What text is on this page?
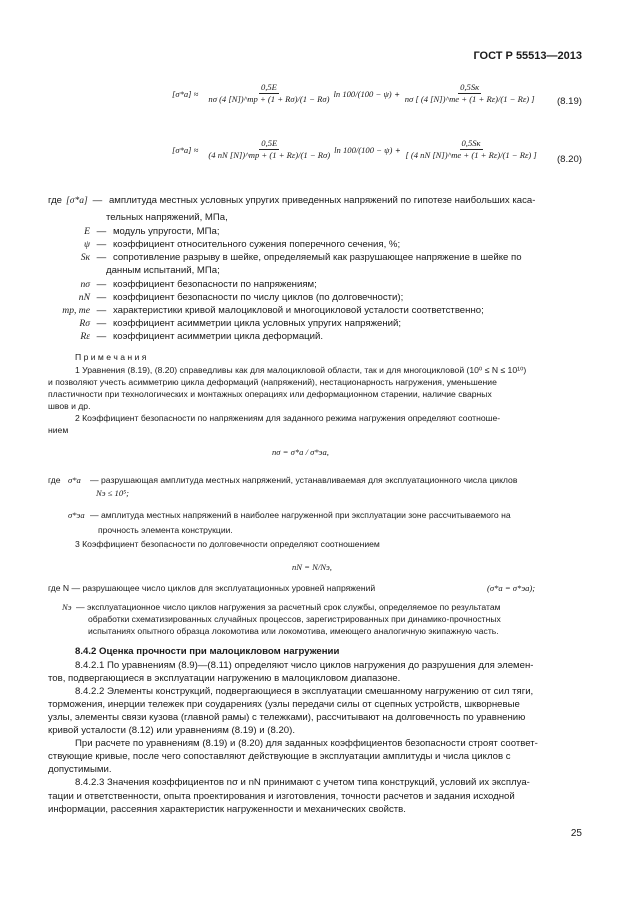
ГОСТ Р 55513—2013
$[\sigma*a] \approx \frac{0,5E}{n\sigma (4 [N])\^{}mp + (1 + R\sigma)/(1 - R\sigma)}$ $\ln 100/(100 - \psi) + \frac{0,5Sк}{n\sigma [ (4 [N])\^{}mе + (1 + R\varepsilon)/(1 - R\varepsilon) ]} (8.19)$
$[\sigma*a] \approx \frac{0,5E}{(4 nN [N])\^{}mp + (1 + R\varepsilon)/(1 - R\sigma)}$ $\ln 100/(100 - \psi) + \frac{0,5Sк}{[ (4 nN [N])\^{}mе + (1 + R\varepsilon)/(1 - R\varepsilon) ]} (8.20)$
где [σ*a] — амплитуда местных условных упругих приведенных напряжений по гипотезе наибольших каса-
тельных напряжений, МПа,
E — модуль упругости, МПа;
ψ — коэффициент относительного сужения поперечного сечения, %;
Sк — сопротивление разрыву в шейке, определяемый как разрушающее напряжение в шейке по
данным испытаний, МПа;
nσ — коэффициент безопасности по напряжениям;
nN — коэффициент безопасности по числу циклов (по долговечности);
mр, mе — характеристики кривой малоцикловой и многоцикловой усталости соответственно;
Rσ — коэффициент асимметрии цикла условных упругих напряжений;
Rε — коэффициент асимметрии цикла деформаций.
П р и м е ч а н и я
1 Уравнения (8.19), (8.20) справедливы как для малоцикловой области, так и для многоцикловой (10⁰ ≤ N ≤ 10¹⁰)
и позволяют учесть асимметрию цикла деформаций (напряжений), нестационарность нагружения, уменьшение
пластичности при технологических и монтажных операциях или деформационном старении, наличие сварных
швов и др.
2 Коэффициент безопасности по напряжениям для заданного режима нагружения определяют соотноше-
нием
nσ = σ*a / σ*эa,
где σ*a — разрушающая амплитуда местных напряжений, устанавливаемая для эксплуатационного числа циклов
Nэ ≤ 10⁵;
σ*эa — амплитуда местных напряжений в наиболее нагруженной при эксплуатации зоне рассчитываемого на
прочность элемента конструкции.
3 Коэффициент безопасности по долговечности определяют соотношением
nN = N/Nэ,
где N — разрушающее число циклов для эксплуатационных уровней напряжений	(σ*a = σ*эa);
Nэ — эксплуатационное число циклов нагружения за расчетный срок службы, определяемое по результатам
обработки схематизированных случайных процессов, зарегистрированных при динамико-прочностных
испытаниях опытного образца локомотива или локомотива, имеющего аналогичную экипажную часть.
8.4.2 Оценка прочности при малоцикловом нагружении
8.4.2.1 По уравнениям (8.9)—(8.11) определяют число циклов нагружения до разрушения для элемен-
тов, подвергающиеся в эксплуатации нагружению в малоцикловом диапазоне.
8.4.2.2 Элементы конструкций, подвергающиеся в эксплуатации смешанному нагружению от сил тяги,
торможения, инерции тележек при соударениях (узлы передачи силы от сцепных устройств, шкворневые
узлы, элементы связи кузова (главной рамы) с тележками), рассчитывают на долговечность по уравнению
кривой усталости (8.12) или уравнениям (8.19) и (8.20).
При расчете по уравнениям (8.19) и (8.20) для заданных коэффициентов безопасности строят соответ-
ствующие кривые, после чего сопоставляют действующие в эксплуатации амплитуды и числа циклов с
допустимыми.
8.4.2.3 Значения коэффициентов nσ и nN принимают с учетом типа конструкций, условий их эксплуа-
тации и ответственности, опыта проектирования и изготовления, точности расчетов и задания исходной
информации, рассеяния характеристик нагруженности и механических свойств.
25
